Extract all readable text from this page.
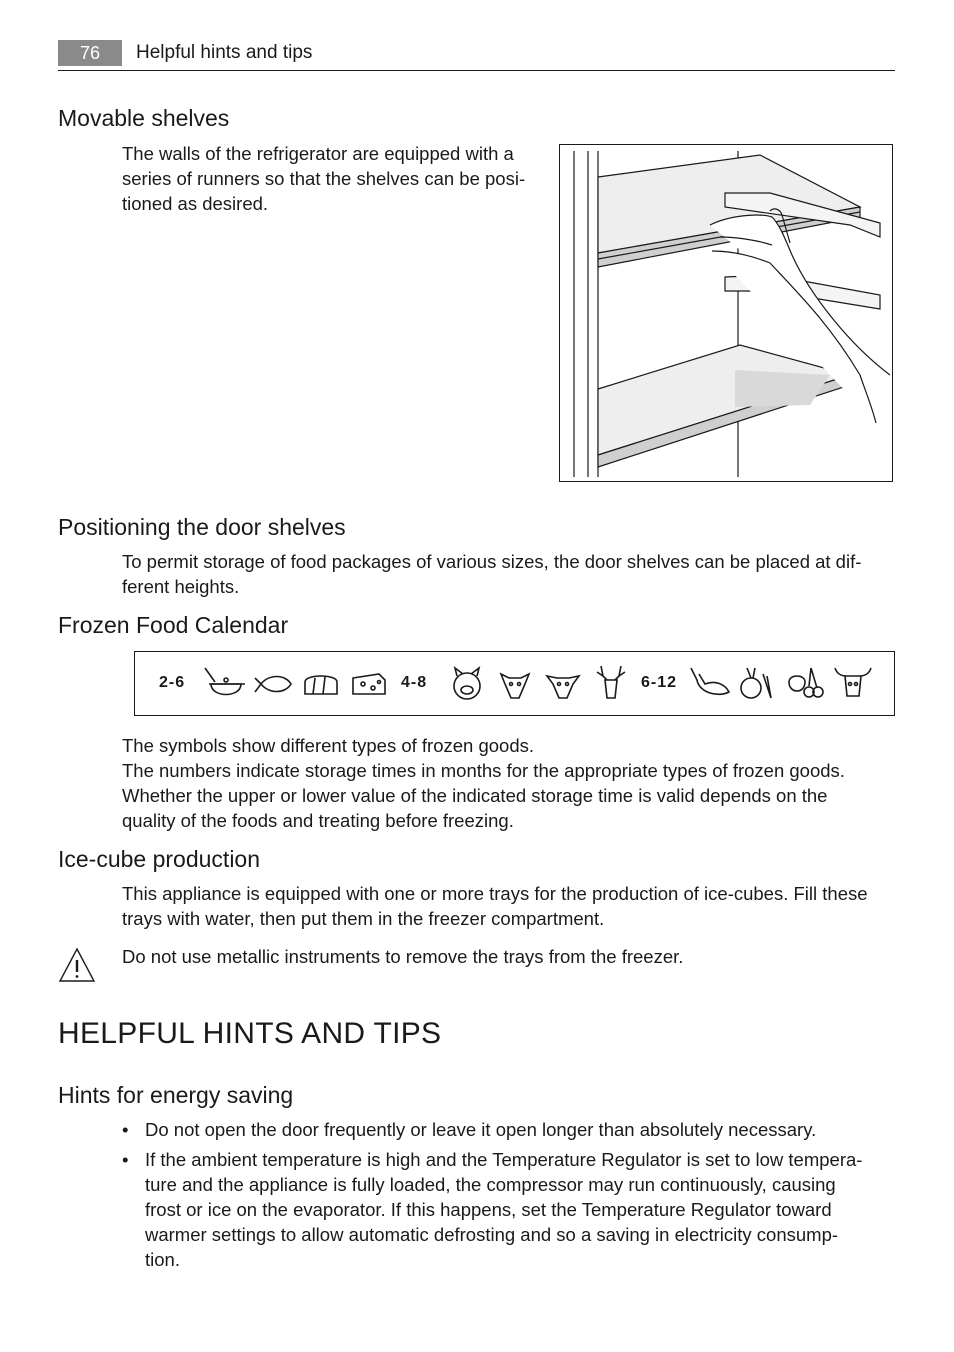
76	Helpful hints and tips
Movable shelves
The walls of the refrigerator are equipped with a
series of runners so that the shelves can be posi-
tioned as desired.
Positioning the door shelves
To permit storage of food packages of various sizes, the door shelves can be placed at dif-
ferent heights.
Frozen Food Calendar
2-6	4-8	6-12
The symbols show different types of frozen goods.
The numbers indicate storage times in months for the appropriate types of frozen goods.
Whether the upper or lower value of the indicated storage time is valid depends on the
quality of the foods and treating before freezing.
Ice-cube production
This appliance is equipped with one or more trays for the production of ice-cubes. Fill these
trays with water, then put them in the freezer compartment.
Do not use metallic instruments to remove the trays from the freezer.
HELPFUL HINTS AND TIPS
Hints for energy saving
• Do not open the door frequently or leave it open longer than absolutely necessary.
• If the ambient temperature is high and the Temperature Regulator is set to low tempera-
ture and the appliance is fully loaded, the compressor may run continuously, causing
frost or ice on the evaporator. If this happens, set the Temperature Regulator toward
warmer settings to allow automatic defrosting and so a saving in electricity consump-
tion.
